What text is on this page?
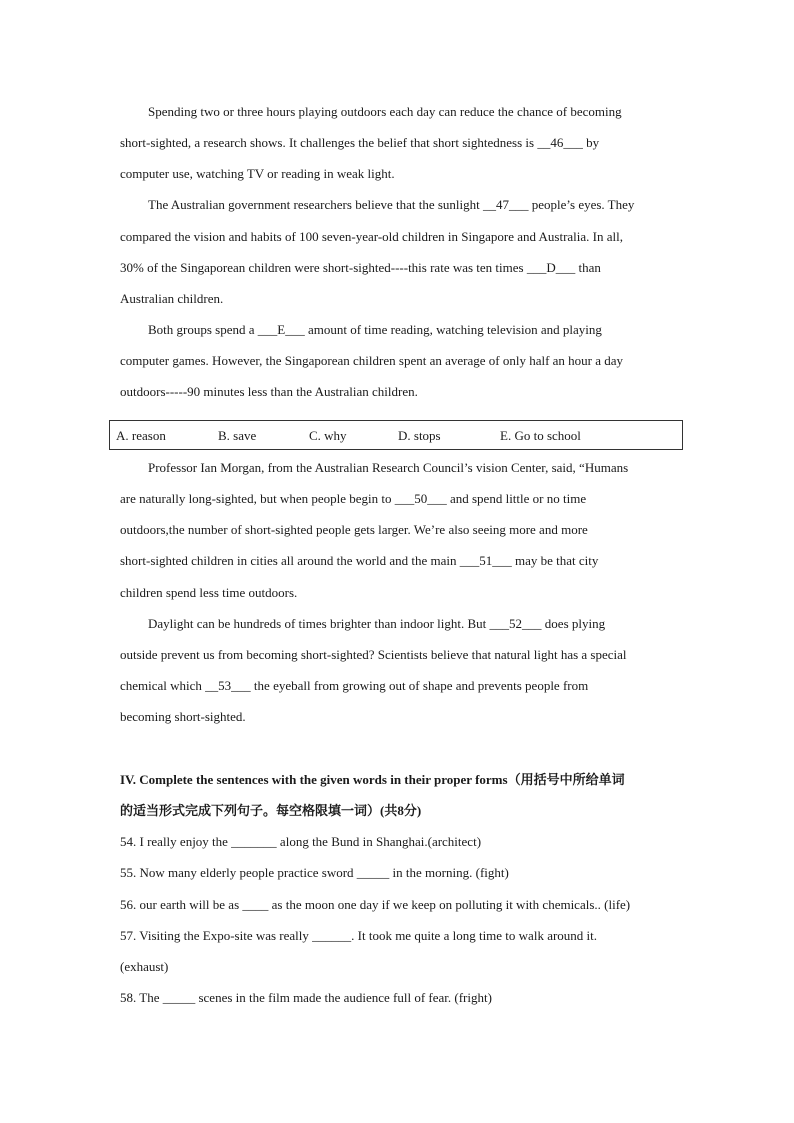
Spending two or three hours playing outdoors each day can reduce the chance of becoming
short-sighted, a research shows. It challenges the belief that short sightedness is __46___ by
computer use, watching TV or reading in weak light.
The Australian government researchers believe that the sunlight __47___ people’s eyes. They
compared the vision and habits of 100 seven-year-old children in Singapore and Australia. In all,
30% of the Singaporean children were short-sighted----this rate was ten times ___D___ than
Australian children.
Both groups spend a ___E___ amount of time reading, watching television and playing
computer games. However, the Singaporean children spent an average of only half an hour a day
outdoors-----90 minutes less than the Australian children.
A. reason	B. save	C. why	D. stops	E. Go to school
Professor Ian Morgan, from the Australian Research Council’s vision Center, said, “Humans
are naturally long-sighted, but when people begin to ___50___ and spend little or no time
outdoors,the number of short-sighted people gets larger. We’re also seeing more and more
short-sighted children in cities all around the world and the main ___51___ may be that city
children spend less time outdoors.
Daylight can be hundreds of times brighter than indoor light. But ___52___ does plying
outside prevent us from becoming short-sighted? Scientists believe that natural light has a special
chemical which __53___ the eyeball from growing out of shape and prevents people from
becoming short-sighted.
IV. Complete the sentences with the given words in their proper forms（用括号中所给单词
的适当形式完成下列句子。每空格限填一词）(共8分)
54. I really enjoy the _______ along the Bund in Shanghai.(architect)
55. Now many elderly people practice sword _____ in the morning. (fight)
56. our earth will be as ____ as the moon one day if we keep on polluting it with chemicals.. (life)
57. Visiting the Expo-site was really ______. It took me quite a long time to walk around it.
(exhaust)
58. The _____ scenes in the film made the audience full of fear. (fright)
